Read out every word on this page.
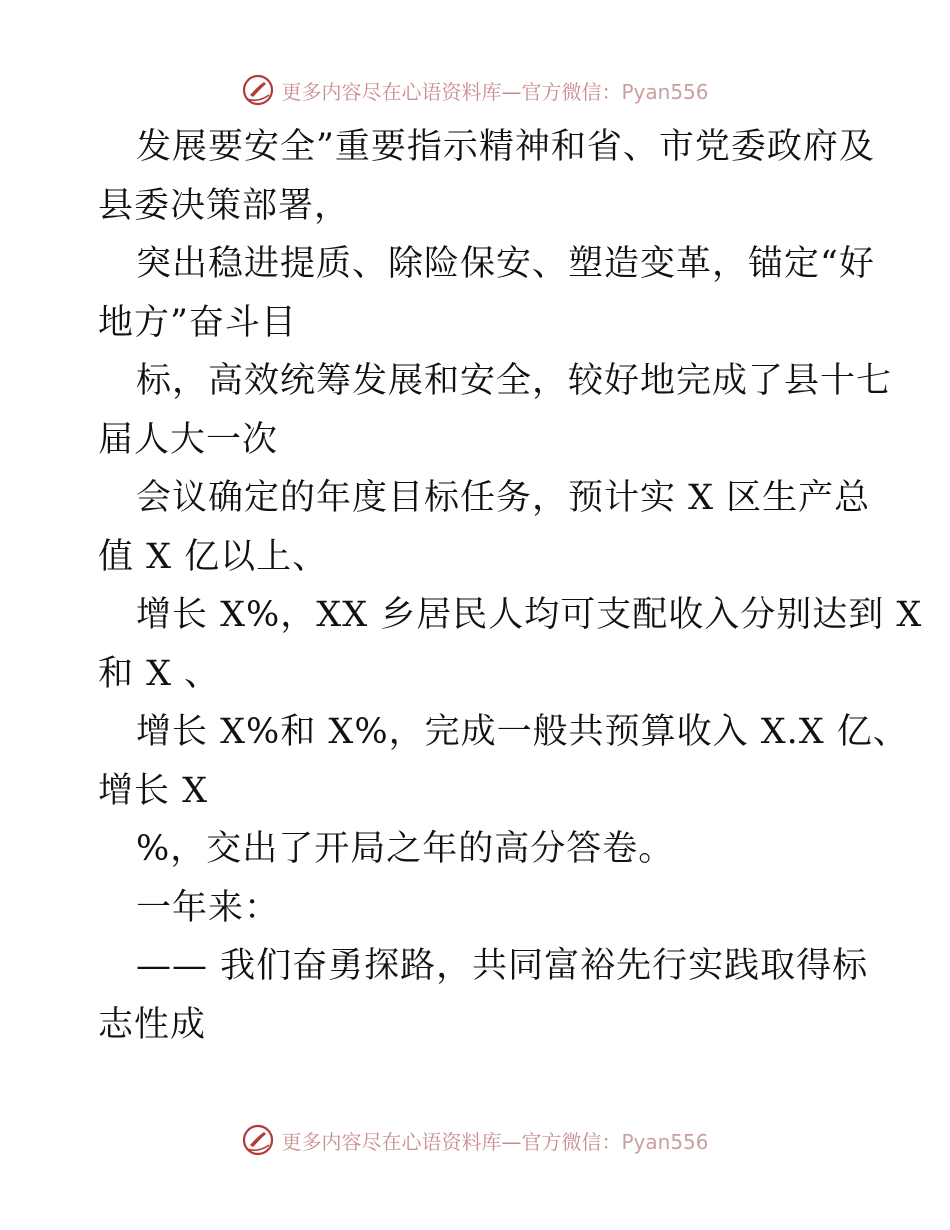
更多内容尽在心语资料库—官方微信：Pyan556
发展要安全”重要指示精神和省、市党委政府及
县委决策部署，
突出稳进提质、除险保安、塑造变革，锚定“好
地方”奋斗目
标，高效统筹发展和安全，较好地完成了县十七
届人大一次
会议确定的年度目标任务，预计实 X 区生产总
值 X 亿以上、
增长 X%，XX 乡居民人均可支配收入分别达到 X
和 X 、
增长 X%和 X%，完成一般共预算收入 X.X 亿、
增长 X
%，交出了开局之年的高分答卷。
一年来：
—— 我们奋勇探路，共同富裕先行实践取得标
志性成
更多内容尽在心语资料库—官方微信：Pyan556
